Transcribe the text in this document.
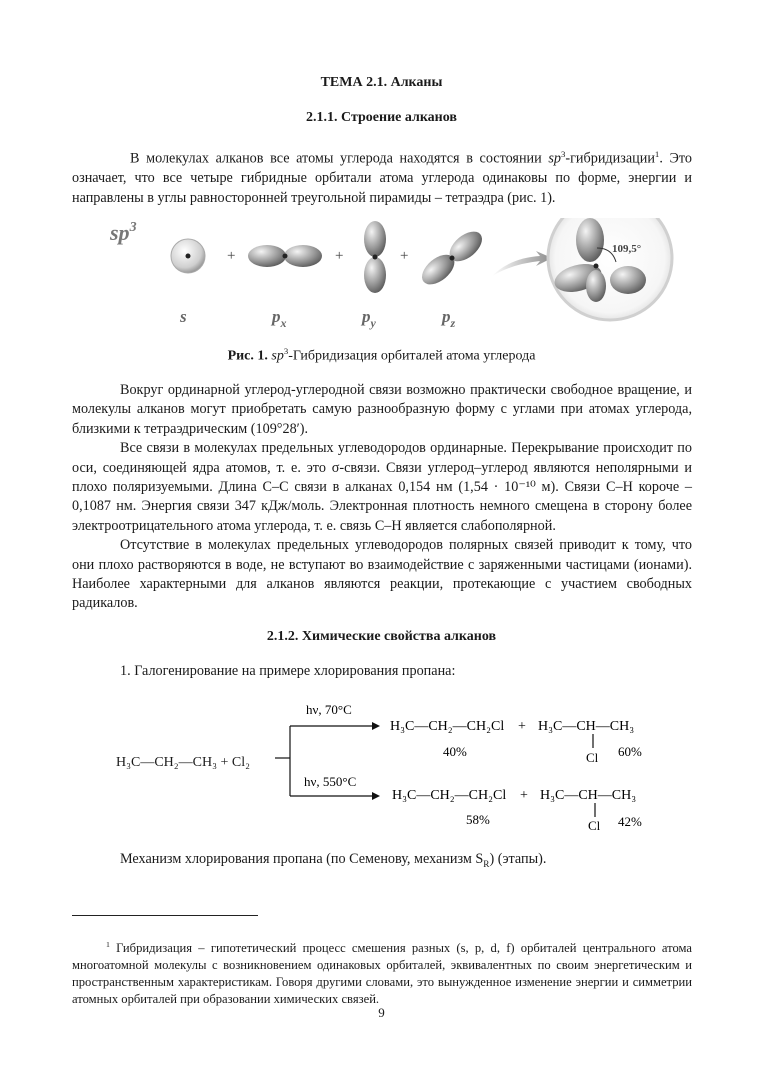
ТЕМА 2.1. Алканы
2.1.1. Строение алканов

В молекулах алканов все атомы углерода находятся в состоянии $sp^3-гибридизации^1$. Это означает, что все четыре гибридные орбитали атома углерода одинаковы по форме, энергии и направлены в углы равносторонней треугольной пирамиды – тетраэдра (рис. 1).

$sp^3$
+	+	+	109,5°
s	$p_x$	$p_y$	$p_z$
Рис. 1. $sp^3$-Гибридизация орбиталей атома углерода

Вокруг ординарной углерод-углеродной связи возможно практически свободное вращение, и молекулы алканов могут приобретать самую разнообразную форму с углами при атомах углерода, близкими к тетраэдрическим (109°28′).

Все связи в молекулах предельных углеводородов ординарные. Перекрывание происходит по оси, соединяющей ядра атомов, т. е. это σ-связи. Связи углерод–углерод являются неполярными и плохо поляризуемыми. Длина С–С связи в алканах 0,154 нм (1,54 · 10⁻¹⁰ м). Связи С–Н короче – 0,1087 нм. Энергия связи 347 кДж/моль. Электронная плотность немного смещена в сторону более электроотрицательного атома углерода, т. е. связь С–Н является слабополярной.

Отсутствие в молекулах предельных углеводородов полярных связей приводит к тому, что они плохо растворяются в воде, не вступают во взаимодействие с заряженными частицами (ионами). Наиболее характерными для алканов являются реакции, протекающие с участием свободных радикалов.

2.1.2. Химические свойства алканов
1. Галогенирование на примере хлорирования пропана:
H₃C—CH₂—CH₃ + Cl₂
hν, 70°C
hν, 550°C
H₃C—CH₂—CH₂Cl + H₃C—CH—CH₃
Cl
40%	60%
H₃C—CH₂—CH₂Cl + H₃C—CH—CH₃
Cl
58%	42%
Механизм хлорирования пропана (по Семенову, механизм $S_R$) (этапы).

$^1$ Гибридизация – гипотетический процесс смешения разных (s, p, d, f) орбиталей центрального атома многоатомной молекулы с возникновением одинаковых орбиталей, эквивалентных по своим энергетическим и пространственным характеристикам. Говоря другими словами, это вынужденное изменение энергии и симметрии атомных орбиталей при образовании химических связей.

9
